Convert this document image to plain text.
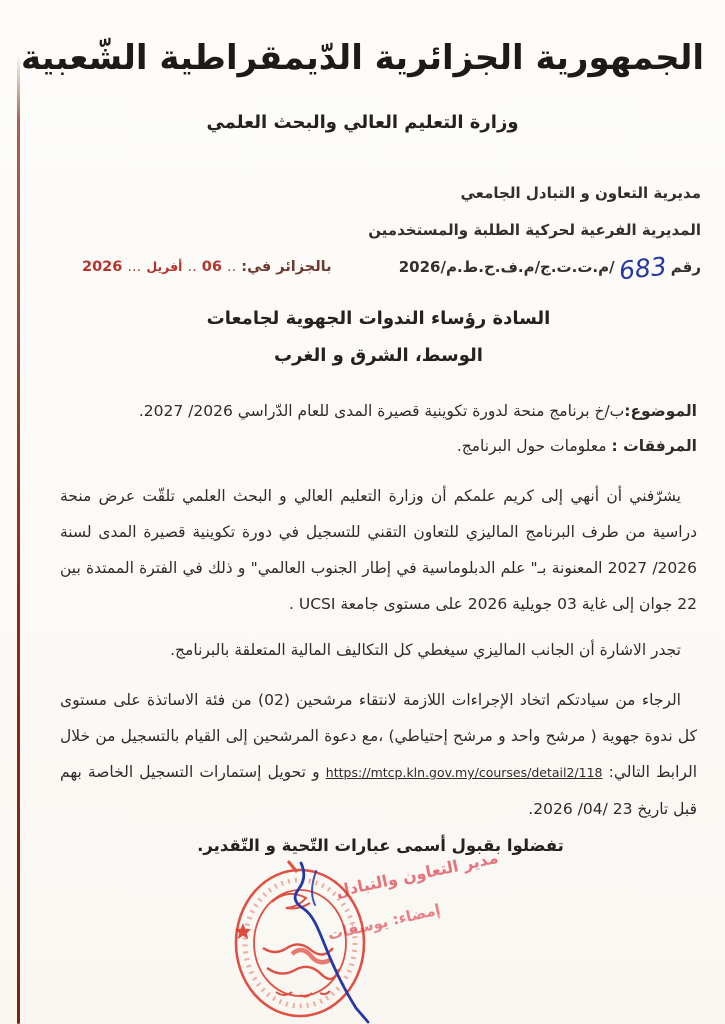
الجمهورية الجزائرية الدّيمقراطية الشّعبية
وزارة التعليم العالي والبحث العلمي
مديرية التعاون و التبادل الجامعي
المديرية الفرعية لحركية الطلبة والمستخدمين
رقم 683 /م.ت.ت.ج/م.ف.ح.ط.م/2026
بالجزائر في: .. 06 .. أفريل ... 2026
السادة رؤساء الندوات الجهوية لجامعات
الوسط، الشرق و الغرب
الموضوع:ب/خ برنامج منحة لدورة تكوينية قصيرة المدى للعام الدّراسي 2026/ 2027.
المرفقات : معلومات حول البرنامج.

يشرّفني أن أنهي إلى كريم علمكم أن وزارة التعليم العالي و البحث العلمي تلقّت عرض منحة دراسية من طرف البرنامج الماليزي للتعاون التقني للتسجيل في دورة تكوينية قصيرة المدى لسنة 2026/ 2027 المعنونة بـ" علم الدبلوماسية في إطار الجنوب العالمي" و ذلك في الفترة الممتدة بين 22 جوان إلى غاية 03 جويلية 2026 على مستوى جامعة UCSI .

تجدر الاشارة أن الجانب الماليزي سيغطي كل التكاليف المالية المتعلقة بالبرنامج.

الرجاء من سيادتكم اتخاد الإجراءات اللازمة لانتقاء مرشحين (02) من فئة الاساتذة على مستوى كل ندوة جهوية ( مرشح واحد و مرشح إحتياطي) ،مع دعوة المرشحين إلى القيام بالتسجيل من خلال الرابط التالي: https://mtcp.kln.gov.my/courses/detail2/118 و تحويل إستمارات التسجيل الخاصة بهم قبل تاريخ 23 /04/ 2026.

تفضلوا بقبول أسمى عبارات التّحية و التّقدير.
مدير التعاون والتبادل
إمضاء: يوسفات
